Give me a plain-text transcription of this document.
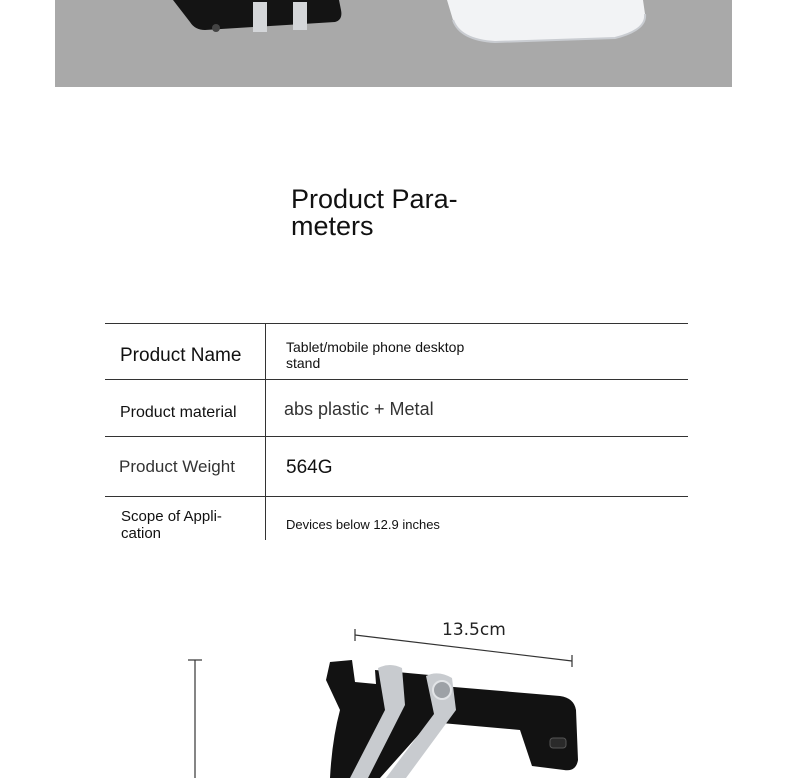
Product Para-
meters
Product Name	Tablet/mobile phone desktop
stand
Product material	abs plastic + Metal
Product Weight	564G
Scope of Appli-
cation
Devices below 12.9 inches
13.5cm
